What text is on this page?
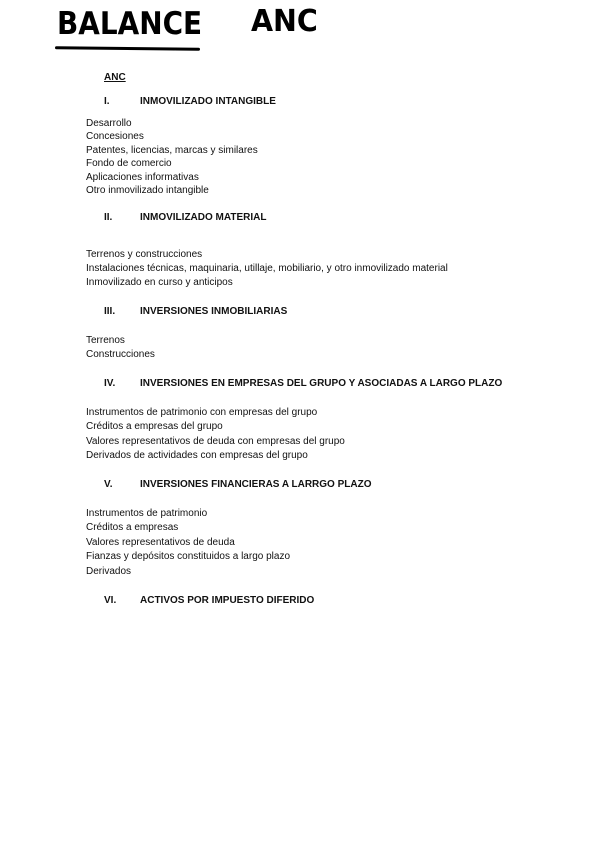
BALANCE ANC
ANC
I.	INMOVILIZADO INTANGIBLE
Desarrollo
Concesiones
Patentes, licencias, marcas y similares
Fondo de comercio
Aplicaciones informativas
Otro inmovilizado intangible
II.	INMOVILIZADO MATERIAL
Terrenos y construcciones
Instalaciones técnicas, maquinaria, utillaje, mobiliario, y otro inmovilizado material
Inmovilizado en curso y anticipos
III. INVERSIONES INMOBILIARIAS
Terrenos
Construcciones
IV. INVERSIONES EN EMPRESAS DEL GRUPO Y ASOCIADAS A LARGO PLAZO
Instrumentos de patrimonio con empresas del grupo
Créditos a empresas del grupo
Valores representativos de deuda con empresas del grupo
Derivados de actividades con empresas del grupo
V.	INVERSIONES FINANCIERAS A LARRGO PLAZO
Instrumentos de patrimonio
Créditos a empresas
Valores representativos de deuda
Fianzas y depósitos constituidos a largo plazo
Derivados
VI. ACTIVOS POR IMPUESTO DIFERIDO
